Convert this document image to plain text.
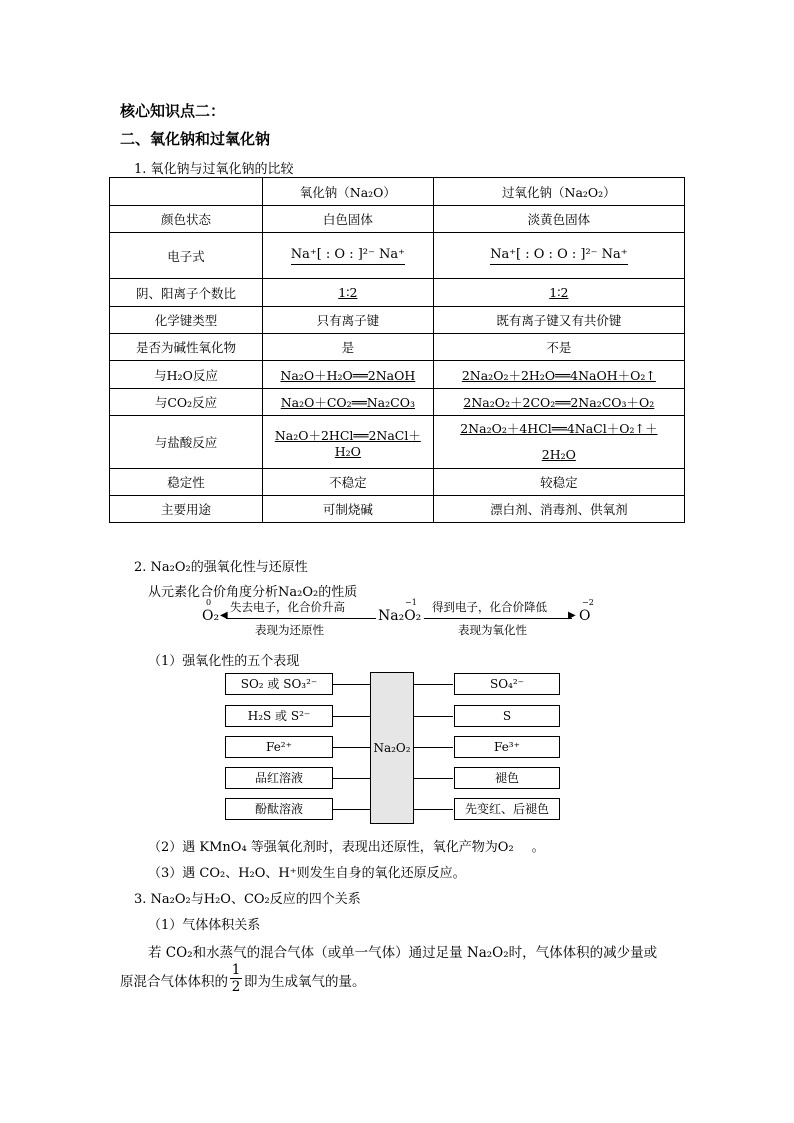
核心知识点二：
二、氧化钠和过氧化钠
1. 氧化钠与过氧化钠的比较
	氧化钠（Na₂O）	过氧化钠（Na₂O₂）
颜色状态	白色固体	淡黄色固体
电子式	Na⁺[ : O : ]²⁻ Na⁺	Na⁺[ : O : O : ]²⁻ Na⁺
阴、阳离子个数比	1∶2	1∶2
化学键类型	只有离子键	既有离子键又有共价键
是否为碱性氧化物	是	不是
与H₂O反应	Na₂O＋H₂O══2NaOH	2Na₂O₂＋2H₂O══4NaOH＋O₂↑
与CO₂反应	Na₂O＋CO₂══Na₂CO₃	2Na₂O₂＋2CO₂══2Na₂CO₃＋O₂
与盐酸反应	Na₂O＋2HCl══2NaCl＋H₂O	2Na₂O₂＋4HCl══4NaCl＋O₂↑＋2H₂O
稳定性	不稳定	较稳定
主要用途	可制烧碱	漂白剂、消毒剂、供氧剂
2. Na₂O₂的强氧化性与还原性
从元素化合价角度分析Na₂O₂的性质
0
O₂
失去电子，化合价升高
◀
表现为还原性
−1
Na₂O₂
得到电子，化合价降低
▶
表现为氧化性
−2
O
（1）强氧化性的五个表现
Na₂O₂
SO₂ 或 SO₃²⁻
H₂S 或 S²⁻
Fe²⁺
品红溶液
酚酞溶液
SO₄²⁻
S
Fe³⁺
褪色
先变红、后褪色
（2）遇 KMnO₄ 等强氧化剂时，表现出还原性，氧化产物为O₂ 。
（3）遇 CO₂、H₂O、H⁺则发生自身的氧化还原反应。
3. Na₂O₂与H₂O、CO₂反应的四个关系
（1）气体体积关系
若 CO₂和水蒸气的混合气体（或单一气体）通过足量 Na₂O₂时，气体体积的减少量或
原混合气体体积的 $\frac{1}{2}$ 即为生成氧气的量。
